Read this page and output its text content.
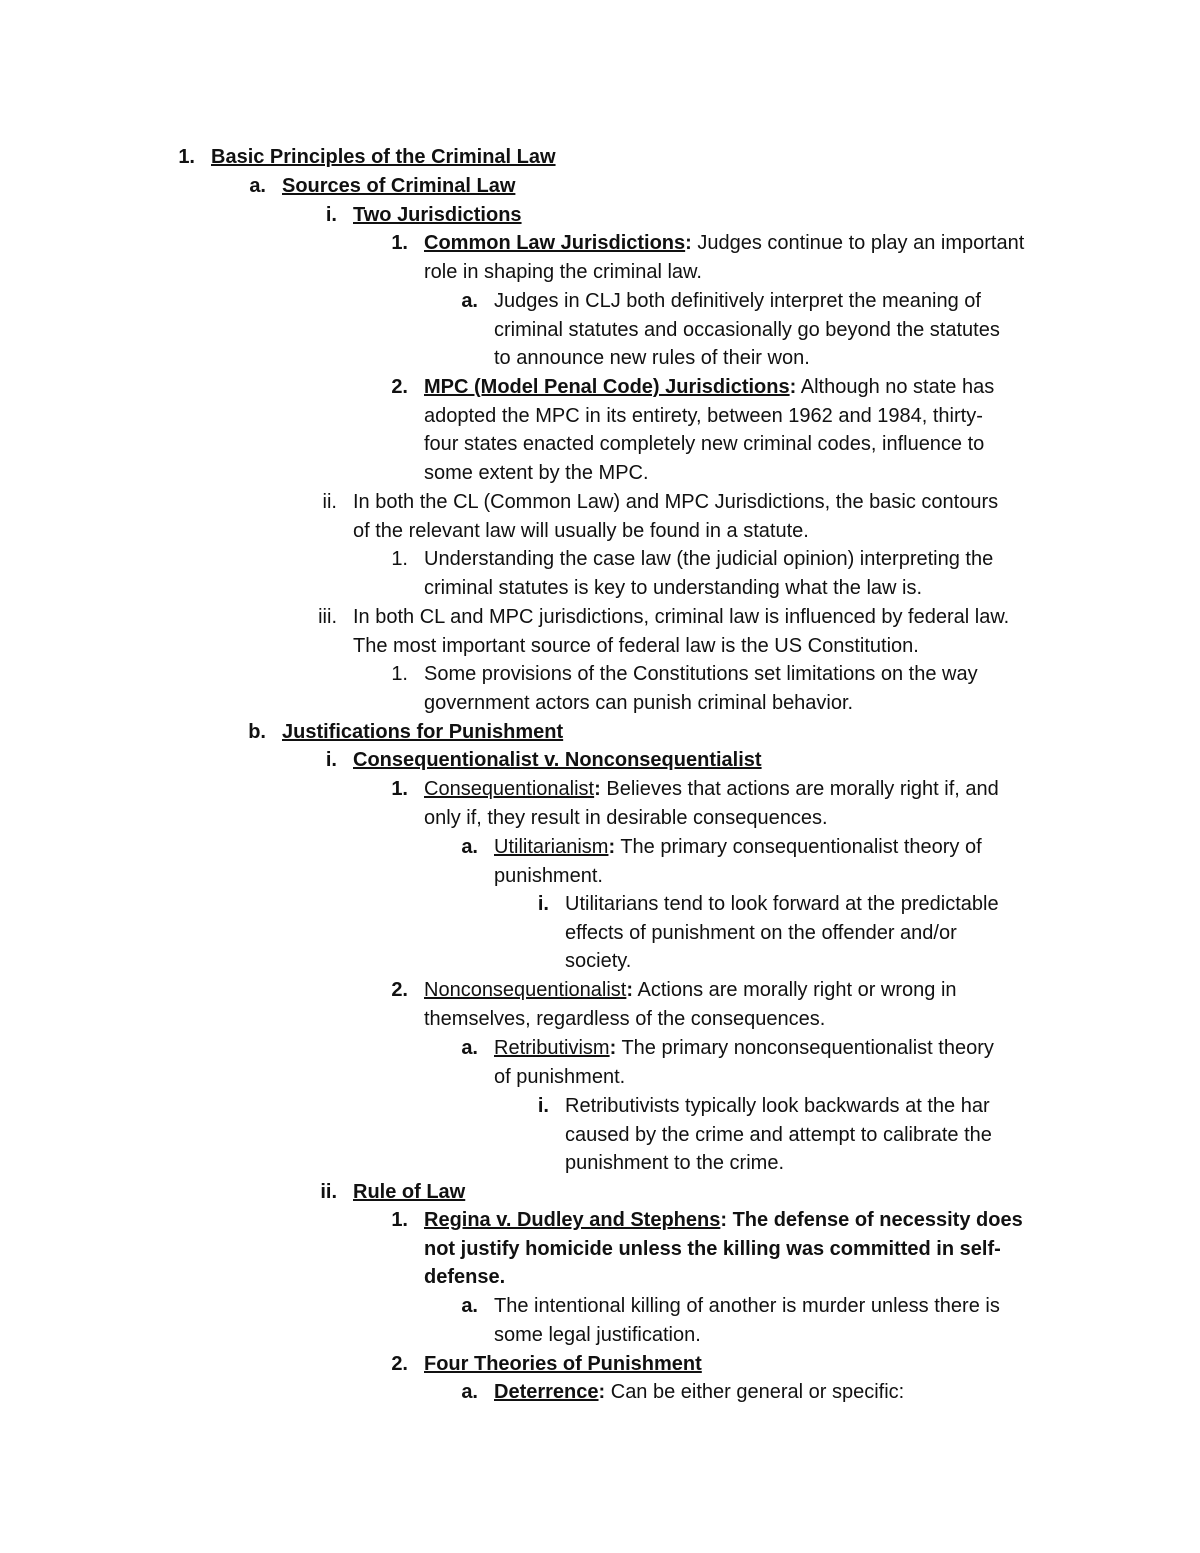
1. Basic Principles of the Criminal Law
a. Sources of Criminal Law
i. Two Jurisdictions
1. Common Law Jurisdictions: Judges continue to play an important
role in shaping the criminal law.
a. Judges in CLJ both definitively interpret the meaning of
criminal statutes and occasionally go beyond the statutes
to announce new rules of their won.
2. MPC (Model Penal Code) Jurisdictions: Although no state has
adopted the MPC in its entirety, between 1962 and 1984, thirty-
four states enacted completely new criminal codes, influence to
some extent by the MPC.
ii. In both the CL (Common Law) and MPC Jurisdictions, the basic contours
of the relevant law will usually be found in a statute.
1. Understanding the case law (the judicial opinion) interpreting the
criminal statutes is key to understanding what the law is.
iii. In both CL and MPC jurisdictions, criminal law is influenced by federal law.
The most important source of federal law is the US Constitution.
1. Some provisions of the Constitutions set limitations on the way
government actors can punish criminal behavior.
b. Justifications for Punishment
i. Consequentionalist v. Nonconsequentialist
1. Consequentionalist: Believes that actions are morally right if, and
only if, they result in desirable consequences.
a. Utilitarianism: The primary consequentionalist theory of
punishment.
i. Utilitarians tend to look forward at the predictable
effects of punishment on the offender and/or
society.
2. Nonconsequentionalist: Actions are morally right or wrong in
themselves, regardless of the consequences.
a. Retributivism: The primary nonconsequentionalist theory
of punishment.
i. Retributivists typically look backwards at the har
caused by the crime and attempt to calibrate the
punishment to the crime.
ii. Rule of Law
1. Regina v. Dudley and Stephens: The defense of necessity does
not justify homicide unless the killing was committed in self-
defense.
a. The intentional killing of another is murder unless there is
some legal justification.
2. Four Theories of Punishment
a. Deterrence: Can be either general or specific:
